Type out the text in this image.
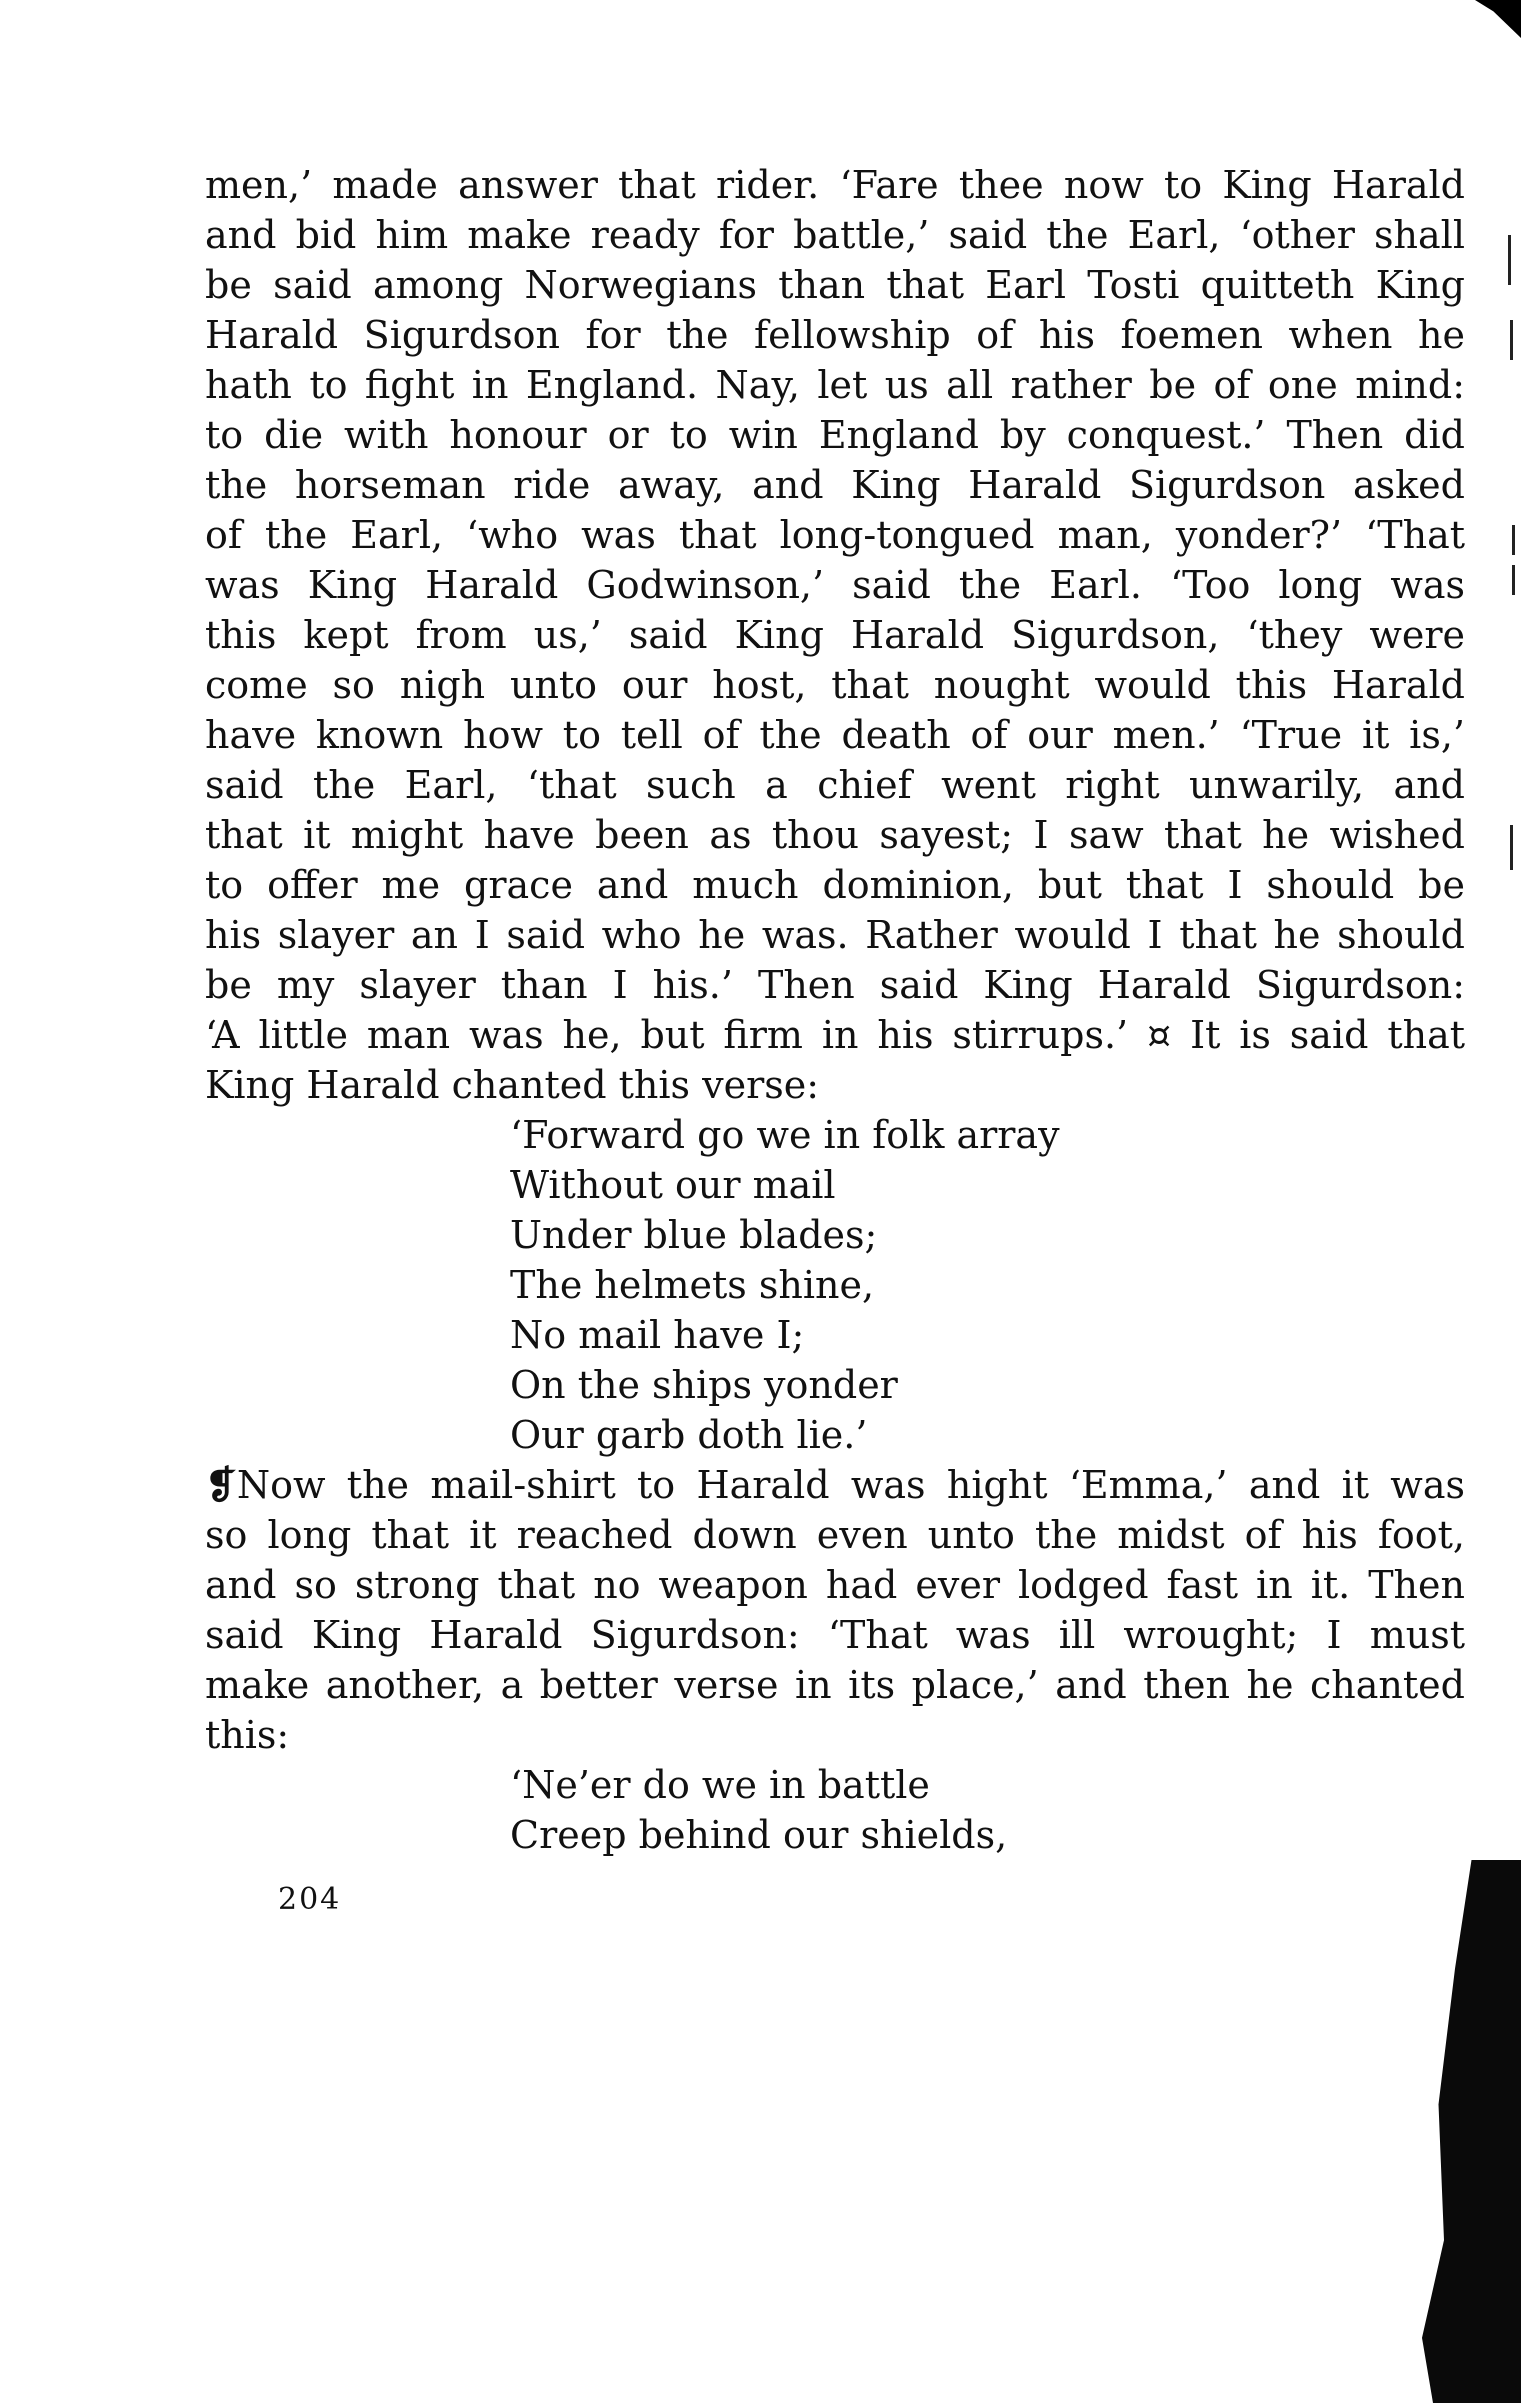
men,’ made answer that rider. ‘Fare thee now to King Harald
and bid him make ready for battle,’ said the Earl, ‘other shall
be said among Norwegians than that Earl Tosti quitteth King
Harald Sigurdson for the fellowship of his foemen when he
hath to fight in England. Nay, let us all rather be of one mind:
to die with honour or to win England by conquest.’ Then did
the horseman ride away, and King Harald Sigurdson asked
of the Earl, ‘who was that long-tongued man, yonder?’ ‘That
was King Harald Godwinson,’ said the Earl. ‘Too long was
this kept from us,’ said King Harald Sigurdson, ‘they were
come so nigh unto our host, that nought would this Harald
have known how to tell of the death of our men.’ ‘True it is,’
said the Earl, ‘that such a chief went right unwarily, and
that it might have been as thou sayest; I saw that he wished
to offer me grace and much dominion, but that I should be
his slayer an I said who he was. Rather would I that he should
be my slayer than I his.’ Then said King Harald Sigurdson:
‘A little man was he, but firm in his stirrups.’ ¤ It is said that
King Harald chanted this verse:
‘Forward go we in folk array
Without our mail
Under blue blades;
The helmets shine,
No mail have I;
On the ships yonder
Our garb doth lie.’
❡Now the mail-shirt to Harald was hight ‘Emma,’ and it was
so long that it reached down even unto the midst of his foot,
and so strong that no weapon had ever lodged fast in it. Then
said King Harald Sigurdson: ‘That was ill wrought; I must
make another, a better verse in its place,’ and then he chanted
this:
‘Ne’er do we in battle
Creep behind our shields,
204
